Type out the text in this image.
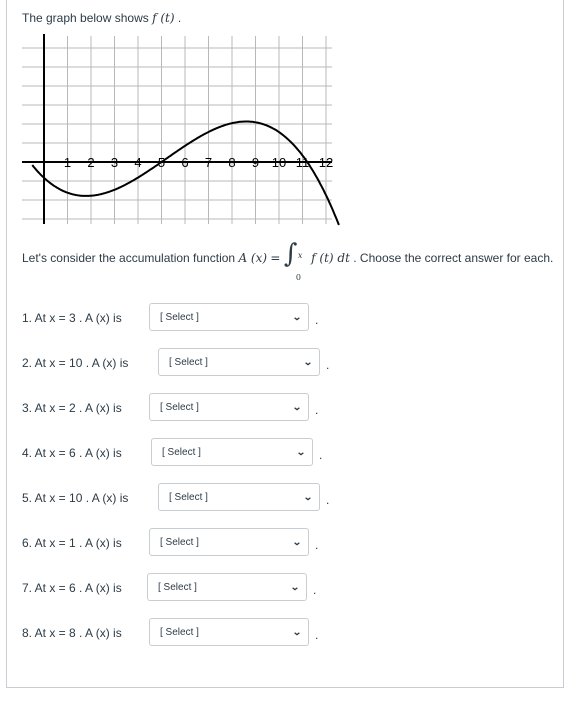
The graph below shows f (t) .
1 2 3 4 5 6 7 8 9 10 11 12
Let's consider the accumulation function A (x) = ∫ x
0
f (t) dt . Choose the correct answer for each.
1. At x = 3 . A (x) is	[ Select ]	⌄ .
2. At x = 10 . A (x) is	[ Select ]	⌄ .
3. At x = 2 . A (x) is	[ Select ]	⌄ .
4. At x = 6 . A (x) is	[ Select ]	⌄ .
5. At x = 10 . A (x) is	[ Select ]	⌄ .
6. At x = 1 . A (x) is	[ Select ]	⌄ .
7. At x = 6 . A (x) is	[ Select ]	⌄ .
8. At x = 8 . A (x) is	[ Select ]	⌄ .
